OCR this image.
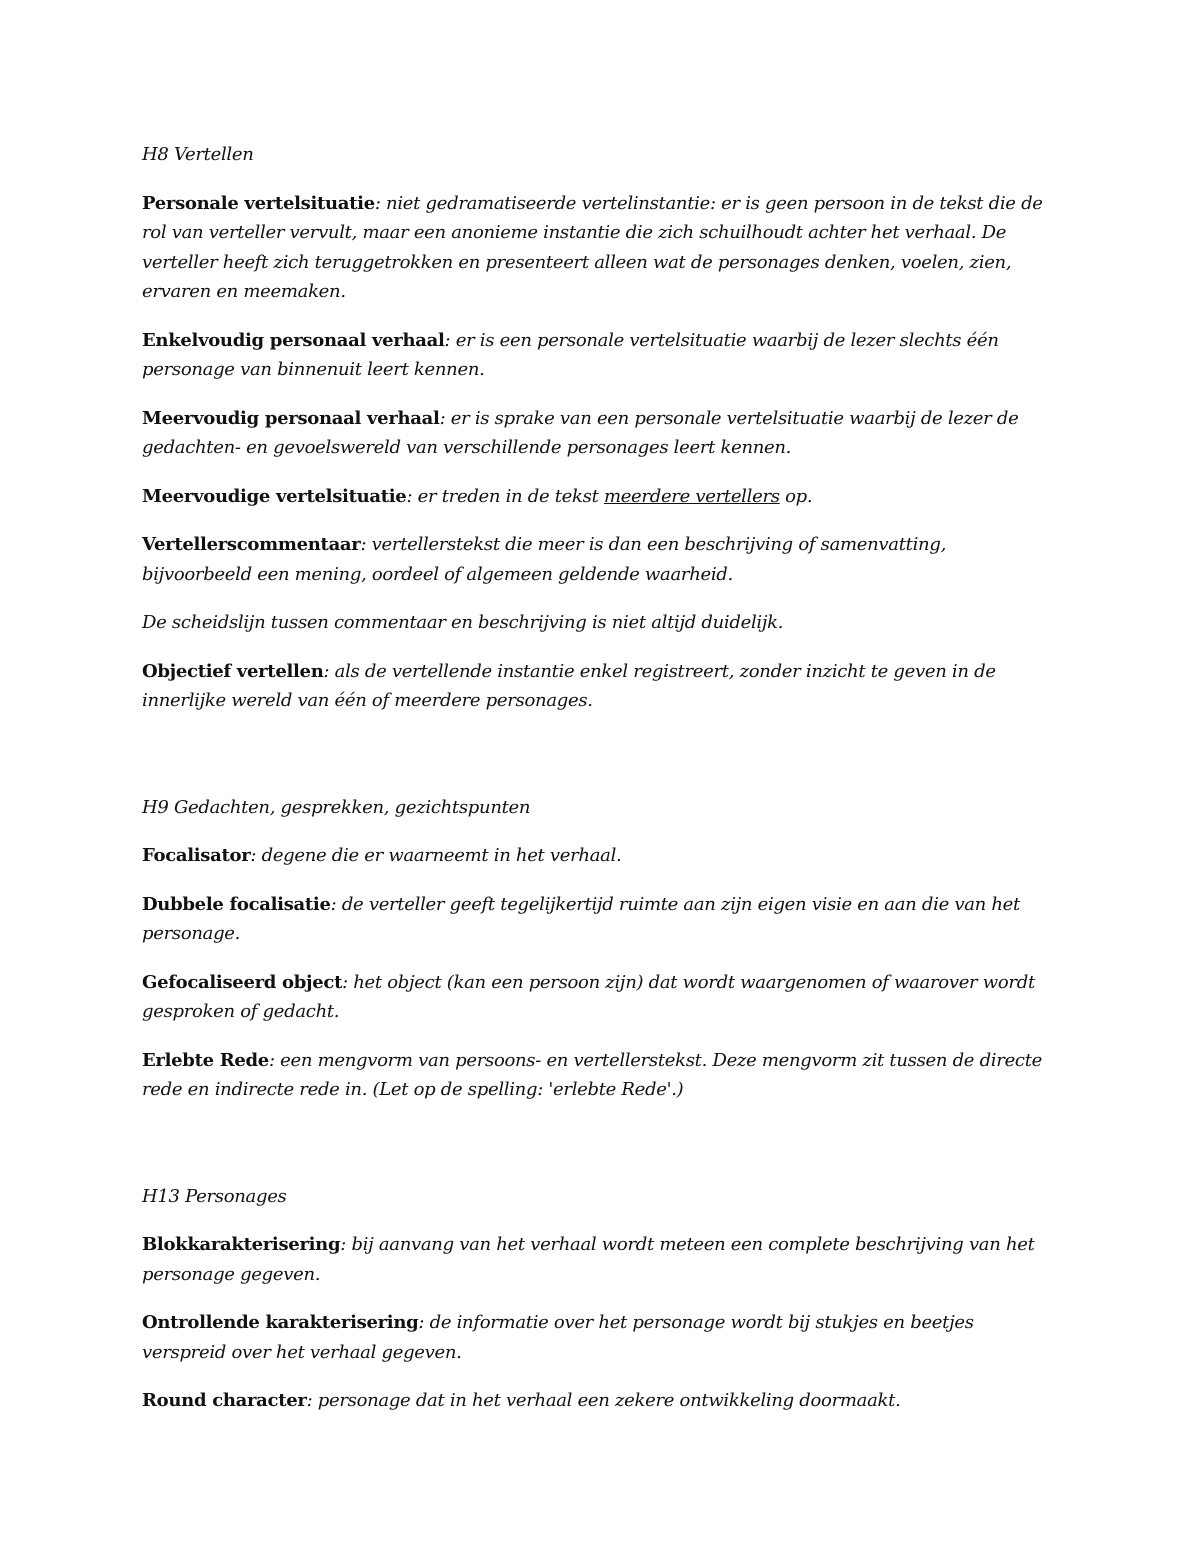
H8 Vertellen

Personale vertelsituatie: niet gedramatiseerde vertelinstantie: er is geen persoon in de tekst die de rol van verteller vervult, maar een anonieme instantie die zich schuilhoudt achter het verhaal. De verteller heeft zich teruggetrokken en presenteert alleen wat de personages denken, voelen, zien, ervaren en meemaken.

Enkelvoudig personaal verhaal: er is een personale vertelsituatie waarbij de lezer slechts één personage van binnenuit leert kennen.

Meervoudig personaal verhaal: er is sprake van een personale vertelsituatie waarbij de lezer de gedachten- en gevoelswereld van verschillende personages leert kennen.

Meervoudige vertelsituatie: er treden in de tekst meerdere vertellers op.

Vertellerscommentaar: vertellerstekst die meer is dan een beschrijving of samenvatting, bijvoorbeeld een mening, oordeel of algemeen geldende waarheid.

De scheidslijn tussen commentaar en beschrijving is niet altijd duidelijk.

Objectief vertellen: als de vertellende instantie enkel registreert, zonder inzicht te geven in de innerlijke wereld van één of meerdere personages.

H9 Gedachten, gesprekken, gezichtspunten

Focalisator: degene die er waarneemt in het verhaal.

Dubbele focalisatie: de verteller geeft tegelijkertijd ruimte aan zijn eigen visie en aan die van het personage.

Gefocaliseerd object: het object (kan een persoon zijn) dat wordt waargenomen of waarover wordt gesproken of gedacht.

Erlebte Rede: een mengvorm van persoons- en vertellerstekst. Deze mengvorm zit tussen de directe rede en indirecte rede in. (Let op de spelling: 'erlebte Rede'.)

H13 Personages

Blokkarakterisering: bij aanvang van het verhaal wordt meteen een complete beschrijving van het personage gegeven.

Ontrollende karakterisering: de informatie over het personage wordt bij stukjes en beetjes verspreid over het verhaal gegeven.

Round character: personage dat in het verhaal een zekere ontwikkeling doormaakt.
